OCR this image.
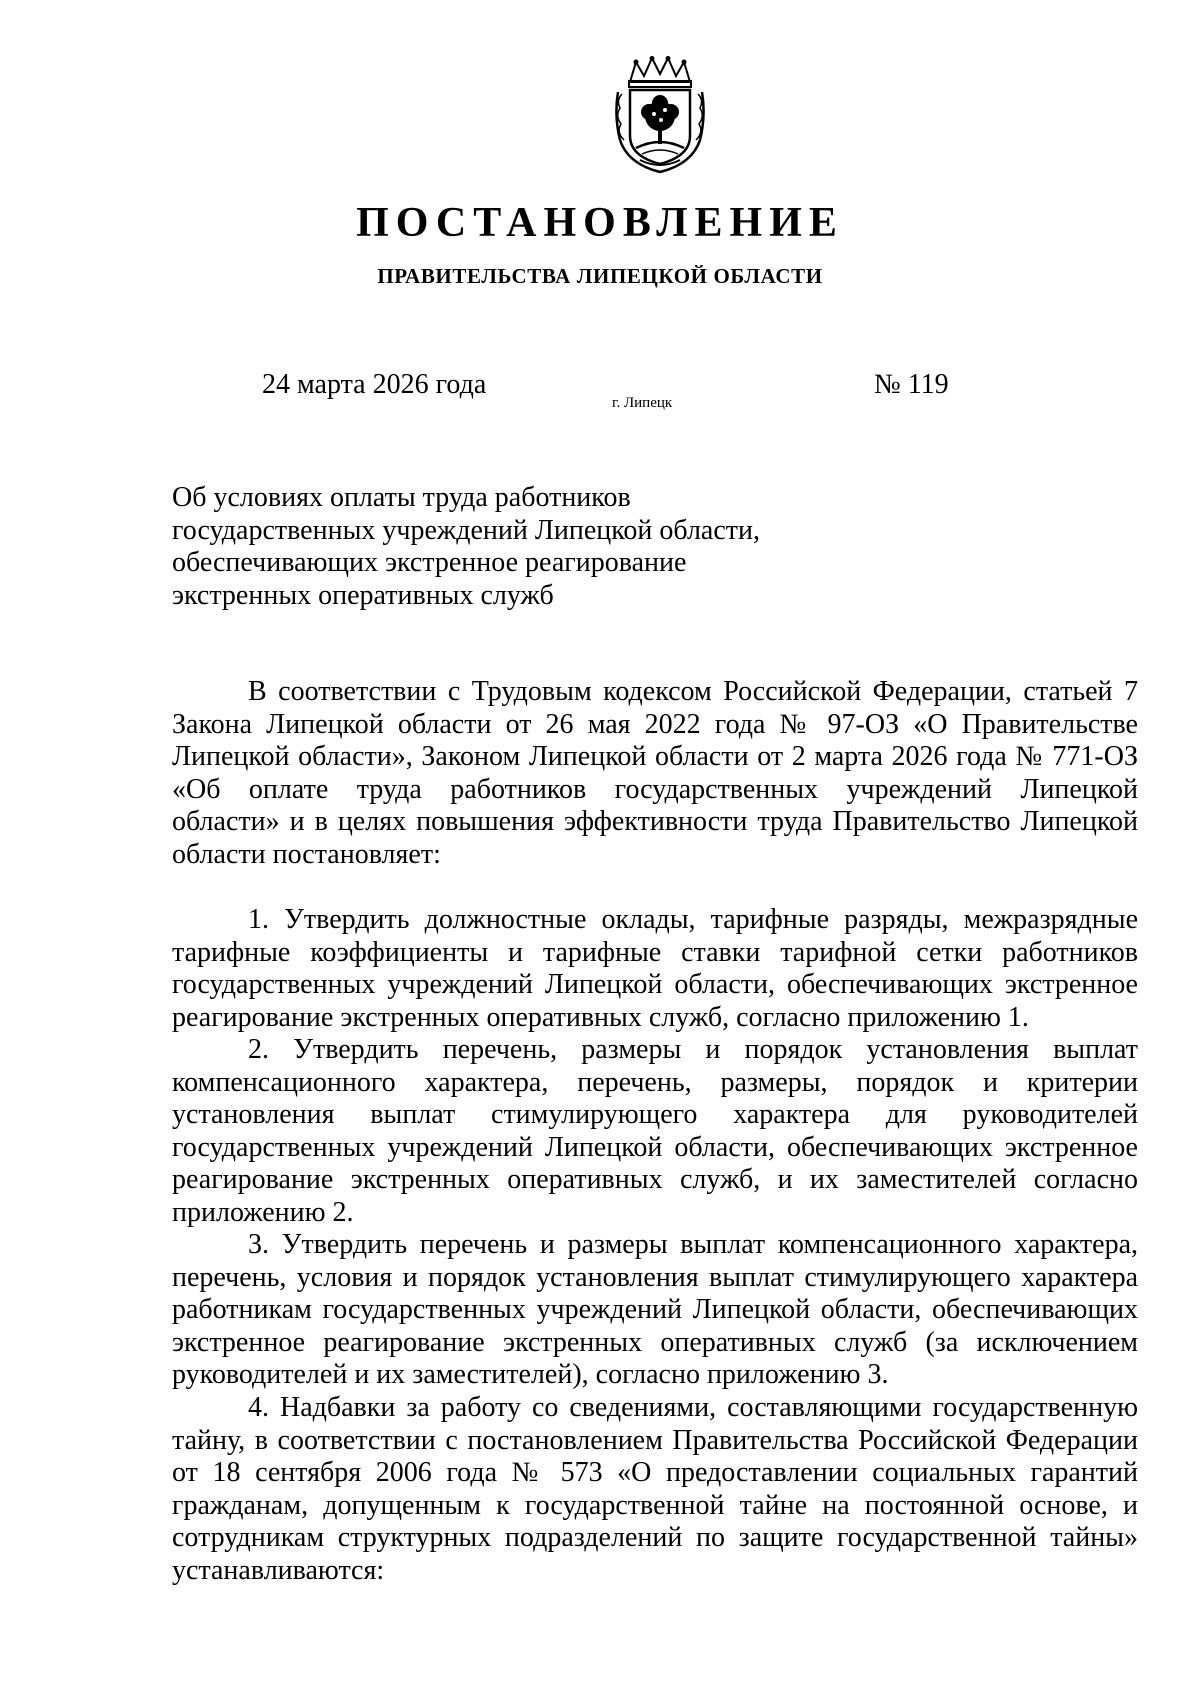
ПОСТАНОВЛЕНИЕ
ПРАВИТЕЛЬСТВА ЛИПЕЦКОЙ ОБЛАСТИ
24 марта 2026 года
г. Липецк
№ 119
Об условиях оплаты труда работников
государственных учреждений Липецкой области,
обеспечивающих экстренное реагирование
экстренных оперативных служб
В соответствии с Трудовым кодексом Российской Федерации, статьей 7
Закона Липецкой области от 26 мая 2022 года № 97-ОЗ «О Правительстве
Липецкой области», Законом Липецкой области от 2 марта 2026 года № 771-ОЗ
«Об оплате труда работников государственных учреждений Липецкой
области» и в целях повышения эффективности труда Правительство Липецкой
области постановляет:
1. Утвердить должностные оклады, тарифные разряды, межразрядные
тарифные коэффициенты и тарифные ставки тарифной сетки работников
государственных учреждений Липецкой области, обеспечивающих экстренное
реагирование экстренных оперативных служб, согласно приложению 1.
2. Утвердить перечень, размеры и порядок установления выплат
компенсационного характера, перечень, размеры, порядок и критерии
установления выплат стимулирующего характера для руководителей
государственных учреждений Липецкой области, обеспечивающих экстренное
реагирование экстренных оперативных служб, и их заместителей согласно
приложению 2.
3. Утвердить перечень и размеры выплат компенсационного характера,
перечень, условия и порядок установления выплат стимулирующего характера
работникам государственных учреждений Липецкой области, обеспечивающих
экстренное реагирование экстренных оперативных служб (за исключением
руководителей и их заместителей), согласно приложению 3.
4. Надбавки за работу со сведениями, составляющими государственную
тайну, в соответствии с постановлением Правительства Российской Федерации
от 18 сентября 2006 года № 573 «О предоставлении социальных гарантий
гражданам, допущенным к государственной тайне на постоянной основе, и
сотрудникам структурных подразделений по защите государственной тайны»
устанавливаются:
